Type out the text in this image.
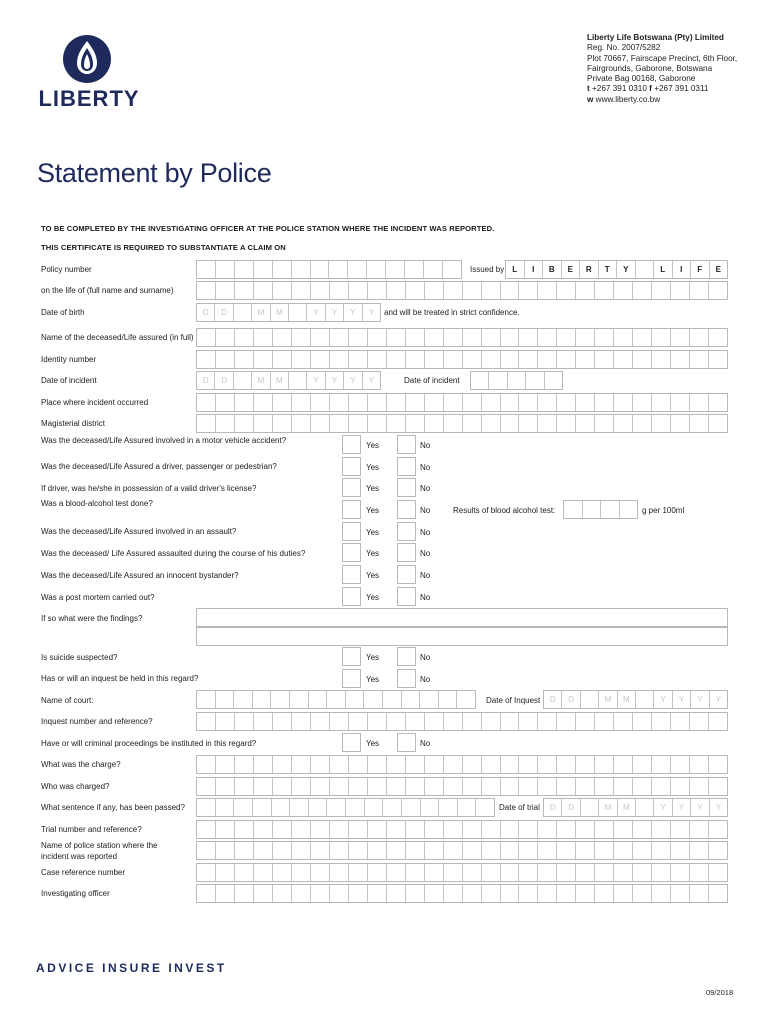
LIBERTY
Liberty Life Botswana (Pty) Limited
Reg. No. 2007/5282
Plot 70667, Fairscape Precinct, 6th Floor,
Fairgrounds, Gaborone, Botswana
Private Bag 00168, Gaborone
t +267 391 0310 f +267 391 0311
w www.liberty.co.bw
Statement by Police
TO BE COMPLETED BY THE INVESTIGATING OFFICER AT THE POLICE STATION WHERE THE INCIDENT WAS REPORTED.
THIS CERTIFICATE IS REQUIRED TO SUBSTANTIATE A CLAIM ON
Policy number	Issued by	L	I	B	E	R	T	Y	L	I	F	E
on the life of (full name and surname)
Date of birth	D	D	M	M	Y	Y	Y	Y	and will be treated in strict confidence.
Name of the deceased/Life assured (in full)
Identity number
Date of incident	D	D	M	M	Y	Y	Y	Y	Date of incident
Place where incident occurred
Magisterial district
Was the deceased/Life Assured involved in a motor vehicle accident?
Yes	No
Was the deceased/Life Assured a driver, passenger or pedestrian?	Yes	No
If driver, was he/she in possession of a valid driver's license?	Yes	No
Was a blood-alcohol test done?
Yes	No	Results of blood alcohol test:	g per 100ml
Was the deceased/Life Assured involved in an assault?	Yes	No
Was the deceased/ Life Assured assaulted during the course of his duties?	Yes	No
Was the deceased/Life Assured an innocent bystander?	Yes	No
Was a post mortem carried out?	Yes	No
If so what were the findings?
Is suicide suspected?	Yes	No
Has or will an inquest be held in this regard?	Yes	No
Name of court:	Date of Inquest	D	D	M	M	Y	Y	Y	Y
Inquest number and reference?
Have or will criminal proceedings be instituted in this regard?	Yes	No
What was the charge?
Who was charged?
What sentence if any, has been passed?	Date of trial	D	D	M	M	Y	Y	Y	Y
Trial number and reference?
Name of police station where the
incident was reported
Case reference number
Investigating officer
ADVICE INSURE INVEST
09/2018
